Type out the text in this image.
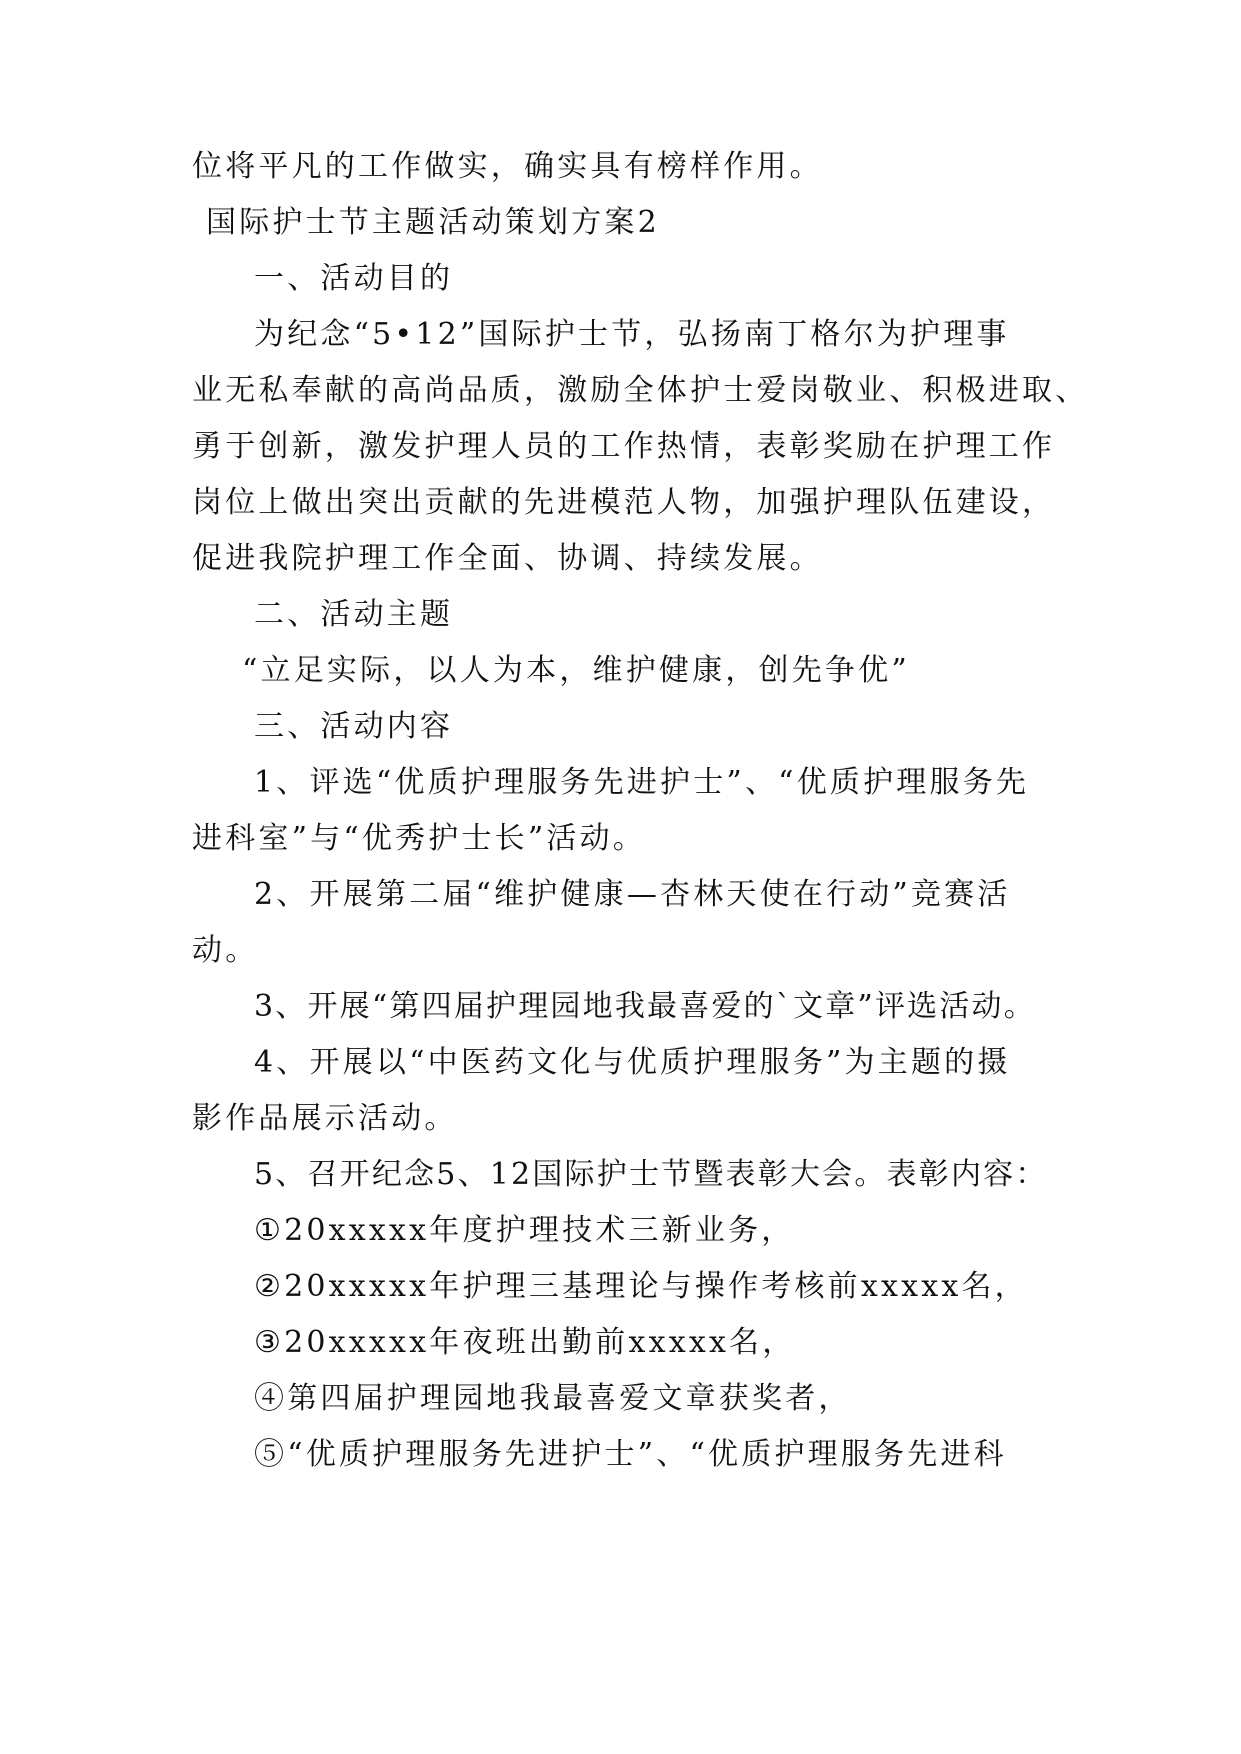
位将平凡的工作做实，确实具有榜样作用。
国际护士节主题活动策划方案2
一、活动目的
为纪念“5•12”国际护士节，弘扬南丁格尔为护理事
业无私奉献的高尚品质，激励全体护士爱岗敬业、积极进取、
勇于创新，激发护理人员的工作热情，表彰奖励在护理工作
岗位上做出突出贡献的先进模范人物，加强护理队伍建设，
促进我院护理工作全面、协调、持续发展。
二、活动主题
“立足实际，以人为本，维护健康，创先争优”
三、活动内容
1、评选“优质护理服务先进护士”、“优质护理服务先
进科室”与“优秀护士长”活动。
2、开展第二届“维护健康—杏林天使在行动”竞赛活
动。
3、开展“第四届护理园地我最喜爱的`文章”评选活动。
4、开展以“中医药文化与优质护理服务”为主题的摄
影作品展示活动。
5、召开纪念5、12国际护士节暨表彰大会。表彰内容：
①20xxxxx年度护理技术三新业务，
②20xxxxx年护理三基理论与操作考核前xxxxx名，
③20xxxxx年夜班出勤前xxxxx名，
④第四届护理园地我最喜爱文章获奖者，
⑤“优质护理服务先进护士”、“优质护理服务先进科
